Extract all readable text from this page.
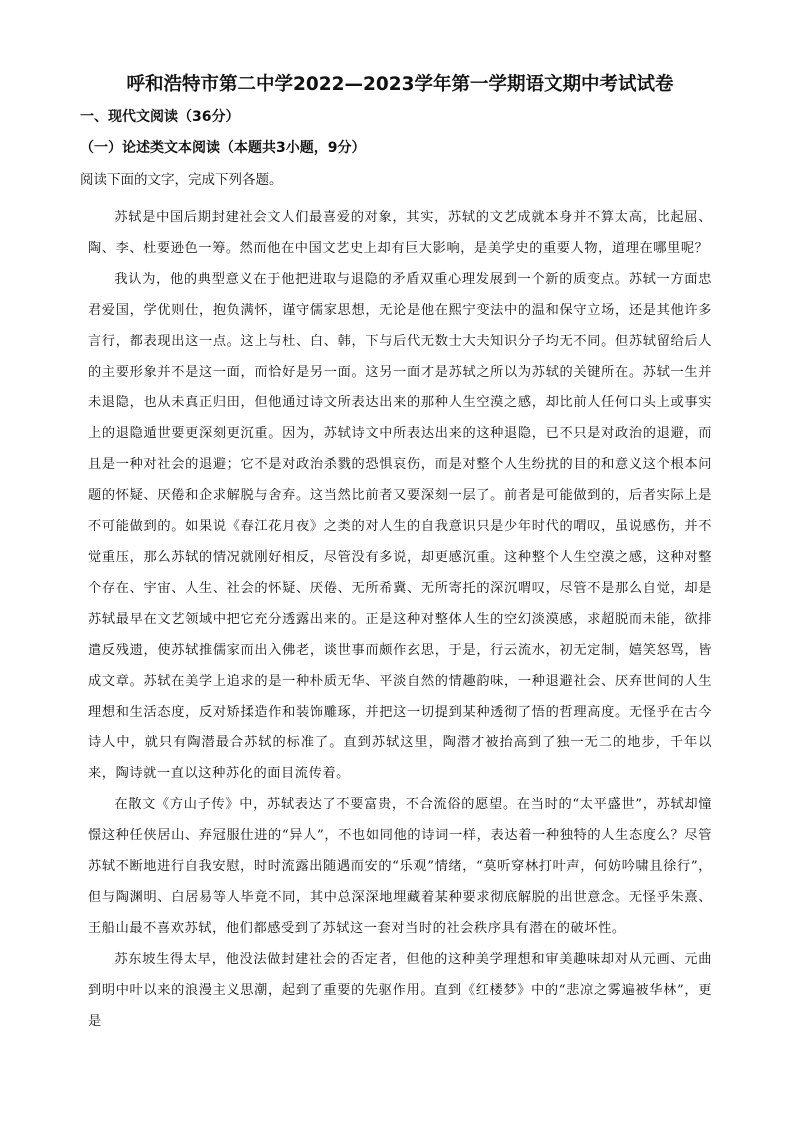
呼和浩特市第二中学2022—2023学年第一学期语文期中考试试卷
一、现代文阅读（36分）
（一）论述类文本阅读（本题共3小题，9分）
阅读下面的文字，完成下列各题。

苏轼是中国后期封建社会文人们最喜爱的对象，其实，苏轼的文艺成就本身并不算太高，比起屈、陶、李、杜要逊色一筹。然而他在中国文艺史上却有巨大影响，是美学史的重要人物，道理在哪里呢？

我认为，他的典型意义在于他把进取与退隐的矛盾双重心理发展到一个新的质变点。苏轼一方面忠君爱国，学优则仕，抱负满怀，谨守儒家思想，无论是他在熙宁变法中的温和保守立场，还是其他许多言行，都表现出这一点。这上与杜、白、韩，下与后代无数士大夫知识分子均无不同。但苏轼留给后人的主要形象并不是这一面，而恰好是另一面。这另一面才是苏轼之所以为苏轼的关键所在。苏轼一生并未退隐，也从未真正归田，但他通过诗文所表达出来的那种人生空漠之感，却比前人任何口头上或事实上的退隐遁世要更深刻更沉重。因为，苏轼诗文中所表达出来的这种退隐，已不只是对政治的退避，而且是一种对社会的退避；它不是对政治杀戮的恐惧哀伤，而是对整个人生纷扰的目的和意义这个根本问题的怀疑、厌倦和企求解脱与舍弃。这当然比前者又要深刻一层了。前者是可能做到的，后者实际上是不可能做到的。如果说《春江花月夜》之类的对人生的自我意识只是少年时代的喟叹，虽说感伤，并不觉重压，那么苏轼的情况就刚好相反，尽管没有多说，却更感沉重。这种整个人生空漠之感，这种对整个存在、宇宙、人生、社会的怀疑、厌倦、无所希冀、无所寄托的深沉喟叹，尽管不是那么自觉，却是苏轼最早在文艺领域中把它充分透露出来的。正是这种对整体人生的空幻淡漠感，求超脱而未能，欲排遣反残遗，使苏轼推儒家而出入佛老，谈世事而颇作玄思，于是，行云流水，初无定制，嬉笑怒骂，皆成文章。苏轼在美学上追求的是一种朴质无华、平淡自然的情趣韵味，一种退避社会、厌弃世间的人生理想和生活态度，反对矫揉造作和装饰雕琢，并把这一切提到某种透彻了悟的哲理高度。无怪乎在古今诗人中，就只有陶潜最合苏轼的标准了。直到苏轼这里，陶潜才被抬高到了独一无二的地步，千年以来，陶诗就一直以这种苏化的面目流传着。

在散文《方山子传》中，苏轼表达了不要富贵，不合流俗的愿望。在当时的“太平盛世”，苏轼却憧憬这种任侠居山、弃冠服仕进的“异人”，不也如同他的诗词一样，表达着一种独特的人生态度么？尽管苏轼不断地进行自我安慰，时时流露出随遇而安的“乐观”情绪，“莫听穿林打叶声，何妨吟啸且徐行”，但与陶渊明、白居易等人毕竟不同，其中总深深地埋藏着某种要求彻底解脱的出世意念。无怪乎朱熹、王船山最不喜欢苏轼，他们都感受到了苏轼这一套对当时的社会秩序具有潜在的破坏性。

苏东坡生得太早，他没法做封建社会的否定者，但他的这种美学理想和审美趣味却对从元画、元曲到明中叶以来的浪漫主义思潮，起到了重要的先驱作用。直到《红楼梦》中的“悲凉之雾遍被华林”，更是
